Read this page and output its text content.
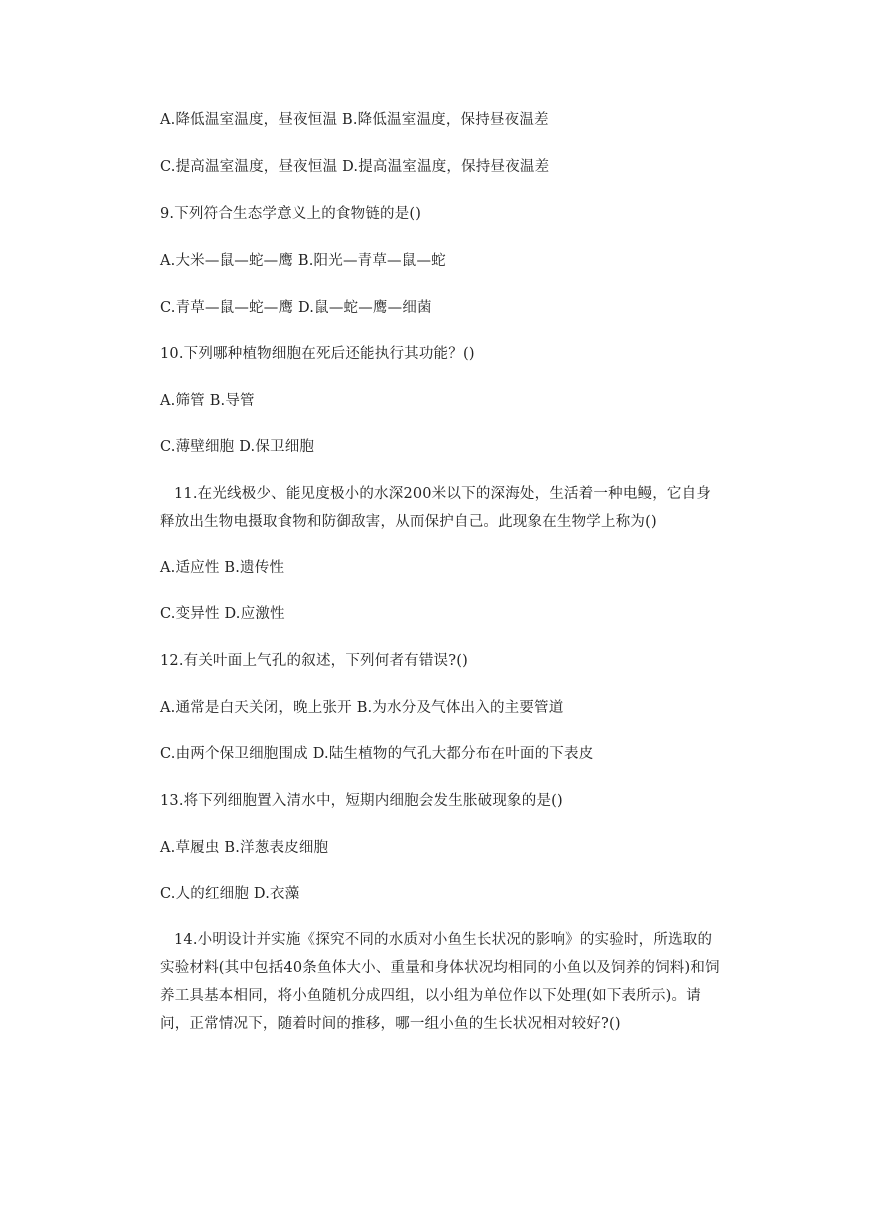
A.降低温室温度，昼夜恒温 B.降低温室温度，保持昼夜温差
C.提高温室温度，昼夜恒温 D.提高温室温度，保持昼夜温差
9.下列符合生态学意义上的食物链的是()
A.大米—鼠—蛇—鹰 B.阳光—青草—鼠—蛇
C.青草—鼠—蛇—鹰 D.鼠—蛇—鹰—细菌
10.下列哪种植物细胞在死后还能执行其功能？()
A.筛管 B.导管
C.薄壁细胞 D.保卫细胞
11.在光线极少、能见度极小的水深200米以下的深海处，生活着一种电鳗，它自身释放出生物电摄取食物和防御敌害，从而保护自己。此现象在生物学上称为()
A.适应性 B.遗传性
C.变异性 D.应激性
12.有关叶面上气孔的叙述，下列何者有错误?()
A.通常是白天关闭，晚上张开 B.为水分及气体出入的主要管道
C.由两个保卫细胞围成 D.陆生植物的气孔大都分布在叶面的下表皮
13.将下列细胞置入清水中，短期内细胞会发生胀破现象的是()
A.草履虫 B.洋葱表皮细胞
C.人的红细胞 D.衣藻
14.小明设计并实施《探究不同的水质对小鱼生长状况的影响》的实验时，所选取的实验材料(其中包括40条鱼体大小、重量和身体状况均相同的小鱼以及饲养的饲料)和饲养工具基本相同，将小鱼随机分成四组，以小组为单位作以下处理(如下表所示)。请问，正常情况下，随着时间的推移，哪一组小鱼的生长状况相对较好?()
